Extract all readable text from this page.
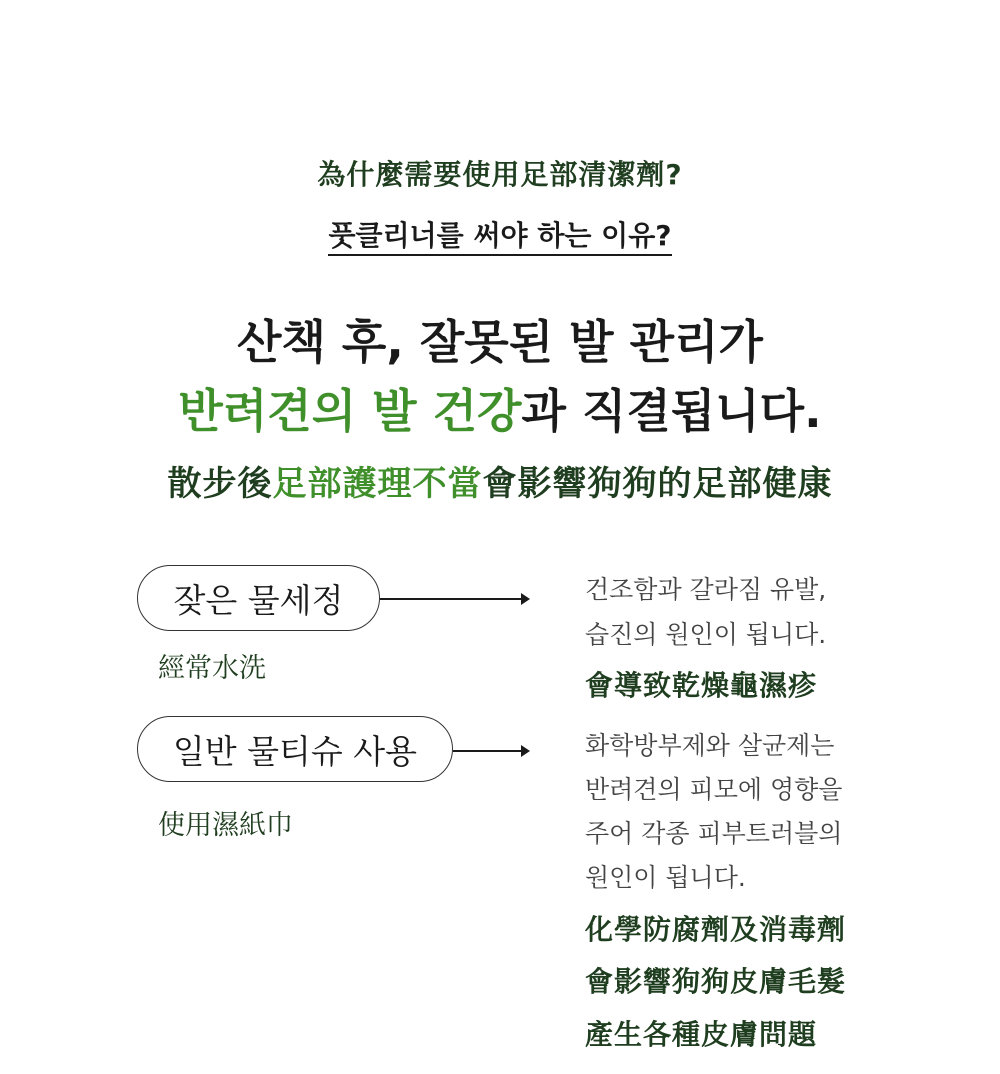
為什麼需要使用足部清潔劑?
풋클리너를 써야 하는 이유?
산책 후, 잘못된 발 관리가
반려견의 발 건강과 직결됩니다.
散步後足部護理不當會影響狗狗的足部健康
잦은 물세정
經常水洗
건조함과 갈라짐 유발,
습진의 원인이 됩니다.
會導致乾燥龜濕疹
일반 물티슈 사용
使用濕紙巾
화학방부제와 살균제는
반려견의 피모에 영향을
주어 각종 피부트러블의
원인이 됩니다.
化學防腐劑及消毒劑
會影響狗狗皮膚毛髮
產生各種皮膚問題
